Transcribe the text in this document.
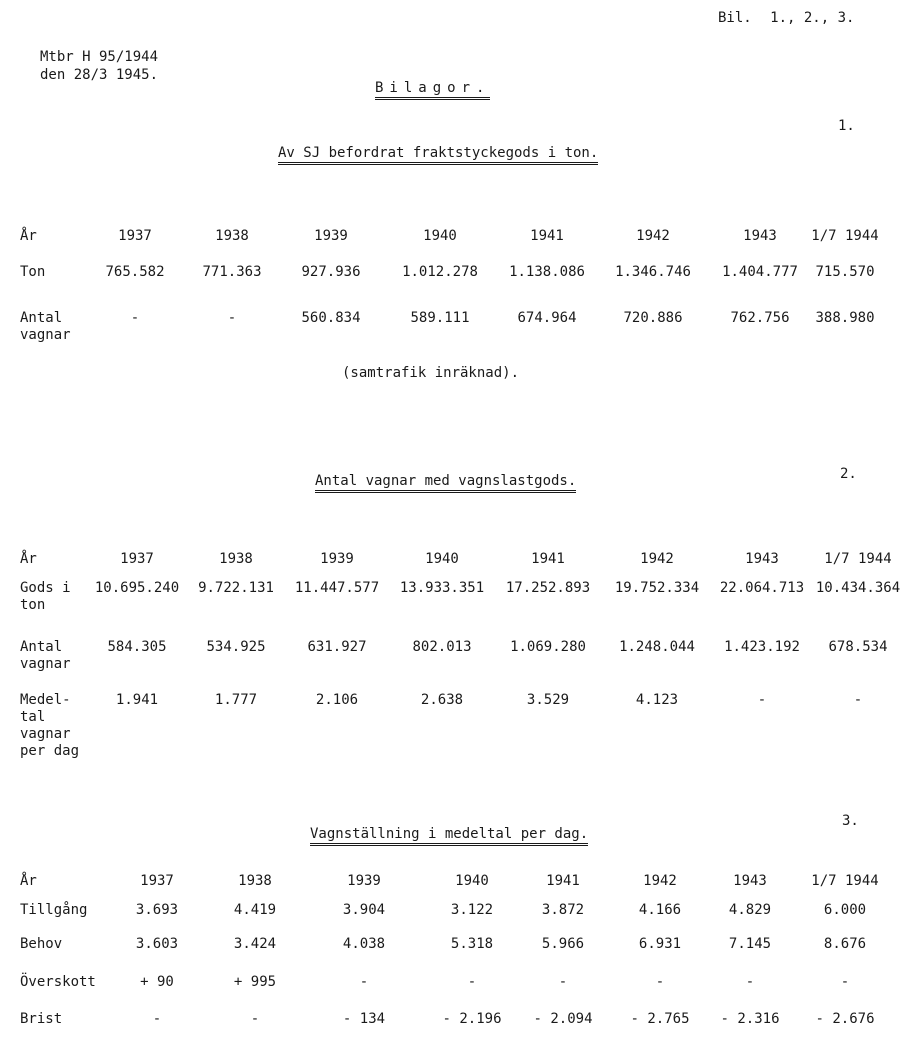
Bil. 1., 2., 3.
Mtbr H 95/1944
den 28/3 1945.
Bilagor.
1.
Av SJ befordrat fraktstyckegods i ton.
År	1937	1938	1939	1940	1941	1942	1943 1/7 1944
Ton	765.582	771.363	927.936	1.012.278 1.138.086 1.346.746 1.404.777 715.570
Antal vagnar
-	-	560.834	589.111	674.964	720.886	762.756 388.980
(samtrafik inräknad).
2.
Antal vagnar med vagnslastgods.
År	1937	1938	1939	1940	1941	1942	1943	1/7 1944
Gods i ton
10.695.240 9.722.131 11.447.577 13.933.351 17.252.893 19.752.334 22.064.713 10.434.364
Antal vagnar
584.305	534.925	631.927	802.013	1.069.280 1.248.044 1.423.192 678.534
Medel-tal vagnar per dag
1.941	1.777	2.106	2.638	3.529	4.123	-	-
3.
Vagnställning i medeltal per dag.
År	1937	1938	1939	1940	1941	1942	1943	1/7 1944
Tillgång	3.693	4.419	3.904	3.122	3.872	4.166	4.829	6.000
Behov	3.603	3.424	4.038	5.318	5.966	6.931	7.145	8.676
Överskott	+ 90	+ 995	-	-	-	-	-	-
Brist	-	-	- 134	- 2.196 - 2.094	- 2.765 - 2.316	- 2.676
